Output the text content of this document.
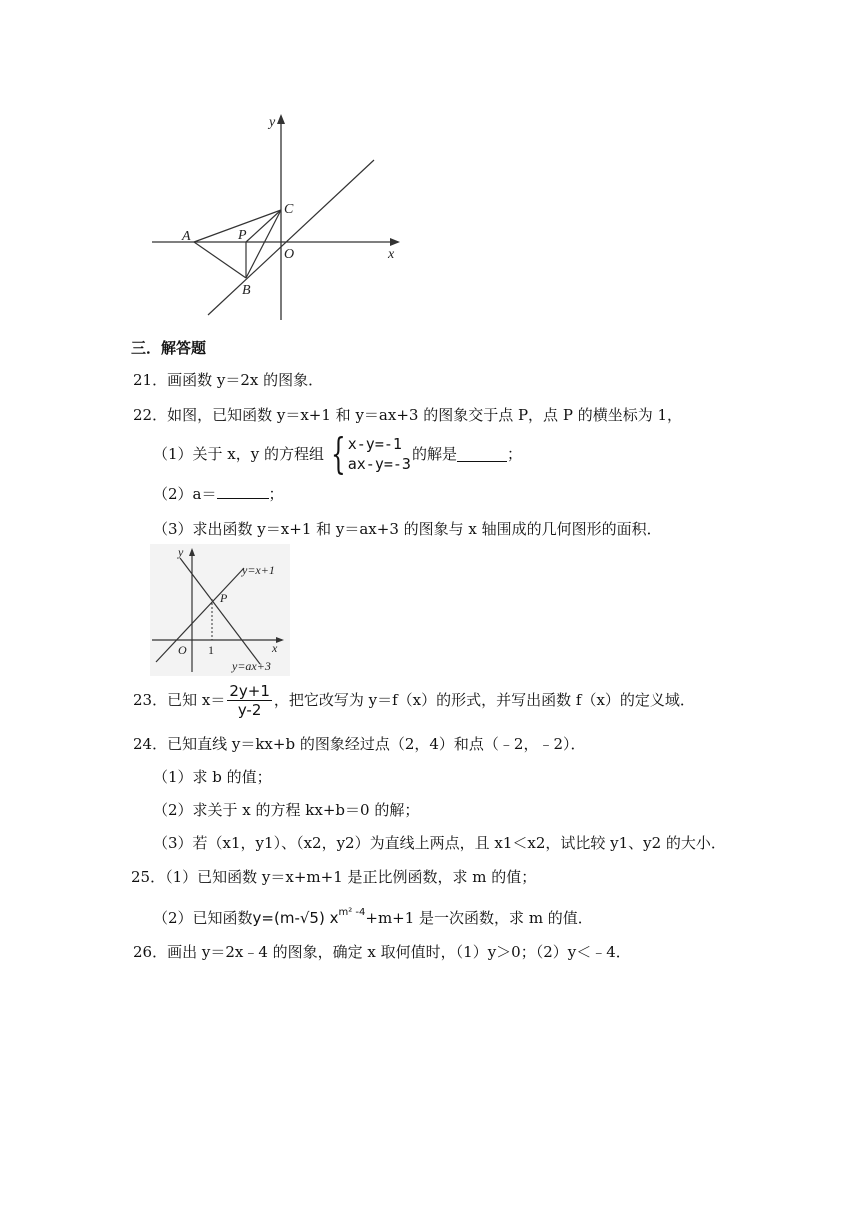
y
x
A	P
C
O
B
三．解答题
21．画函数 y＝2x 的图象．
22．如图，已知函数 y＝x+1 和 y＝ax+3 的图象交于点 P，点 P 的横坐标为 1，
（1）关于 x，y 的方程组 { x-y=-1
ax-y=-3
的解是	；
（2）a＝	；
（3）求出函数 y＝x+1 和 y＝ax+3 的图象与 x 轴围成的几何图形的面积．
y
y=x+1
P
O 1	x
y=ax+3
23． 已知 $x= \frac{2y+1}{y-2}$ ，把它改写为 y＝f（x）的形式，并写出函数 f（x）的定义域．
24．已知直线 y＝kx+b 的图象经过点（2，4）和点（﹣2，﹣2）．
（1）求 b 的值；
（2）求关于 x 的方程 kx+b＝0 的解；
（3）若（x1，y1）、（x2，y2）为直线上两点，且 x1＜x2，试比较 y1、y2 的大小．
25．（1）已知函数 y＝x+m+1 是正比例函数，求 m 的值；
（2）已知函数y=(m-√5) $x^{m^2 -4}+m+1$ 是一次函数，求 m 的值．
26．画出 y＝2x﹣4 的图象，确定 x 取何值时，（1）y＞0；（2）y＜﹣4．
